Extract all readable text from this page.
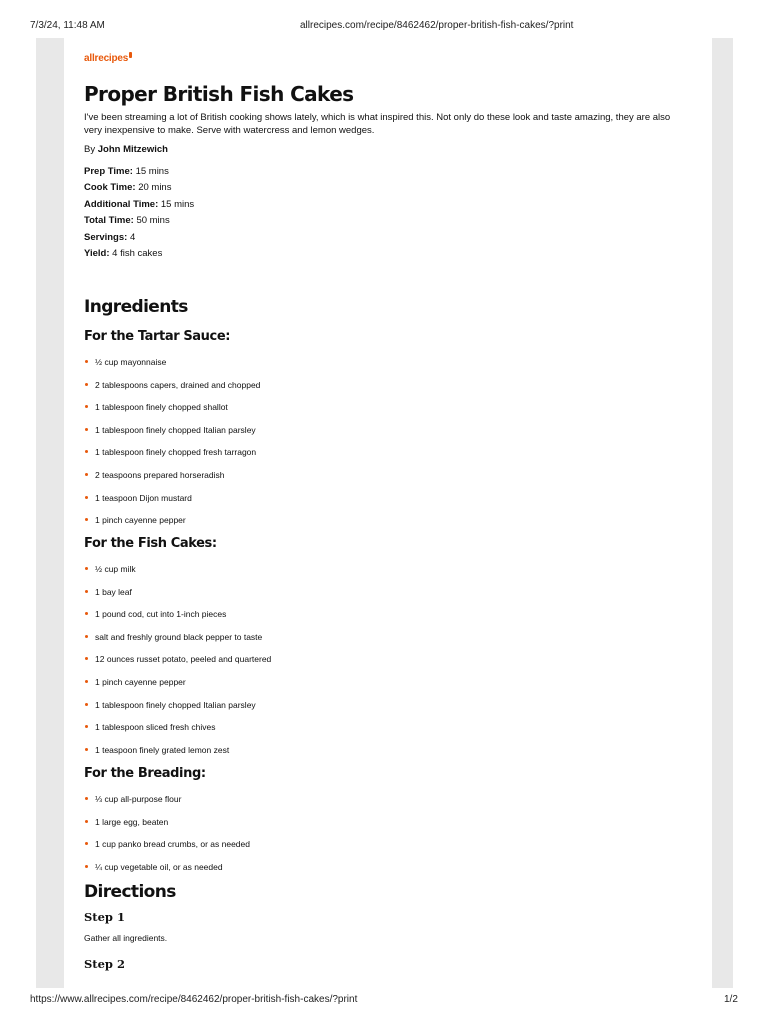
7/3/24, 11:48 AM	allrecipes.com/recipe/8462462/proper-british-fish-cakes/?print
allrecipes
Proper British Fish Cakes

I've been streaming a lot of British cooking shows lately, which is what inspired this. Not only do these look and taste amazing, they are also very inexpensive to make. Serve with watercress and lemon wedges.

By John Mitzewich

Prep Time: 15 mins
Cook Time: 20 mins
Additional Time: 15 mins
Total Time: 50 mins
Servings: 4
Yield: 4 fish cakes
Ingredients
For the Tartar Sauce:
½ cup mayonnaise
2 tablespoons capers, drained and chopped
1 tablespoon finely chopped shallot
1 tablespoon finely chopped Italian parsley
1 tablespoon finely chopped fresh tarragon
2 teaspoons prepared horseradish
1 teaspoon Dijon mustard
1 pinch cayenne pepper
For the Fish Cakes:
½ cup milk
1 bay leaf
1 pound cod, cut into 1-inch pieces
salt and freshly ground black pepper to taste
12 ounces russet potato, peeled and quartered
1 pinch cayenne pepper
1 tablespoon finely chopped Italian parsley
1 tablespoon sliced fresh chives
1 teaspoon finely grated lemon zest
For the Breading:
⅓ cup all-purpose flour
1 large egg, beaten
1 cup panko bread crumbs, or as needed
¼ cup vegetable oil, or as needed
Directions
Step 1

Gather all ingredients.

Step 2
https://www.allrecipes.com/recipe/8462462/proper-british-fish-cakes/?print	1/2
